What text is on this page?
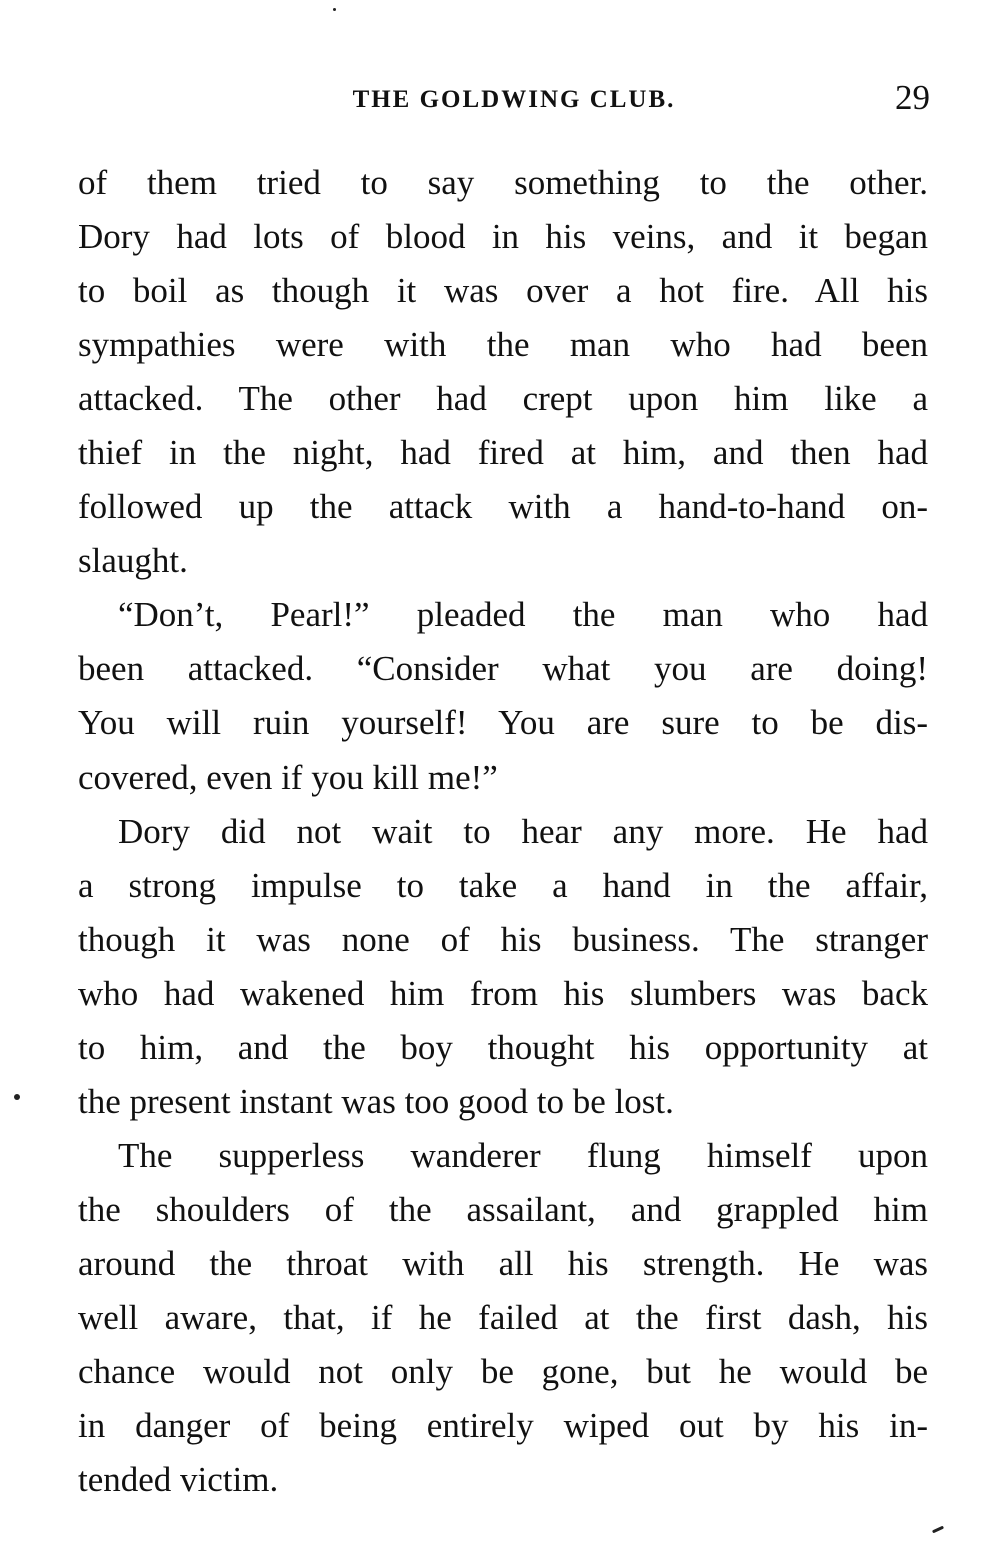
THE GOLDWING CLUB.	29
of them tried to say something to the other.
Dory had lots of blood in his veins, and it began
to boil as though it was over a hot fire. All his
sympathies were with the man who had been
attacked. The other had crept upon him like a
thief in the night, had fired at him, and then had
followed up the attack with a hand-to-hand on-
slaught.
“Don’t, Pearl!” pleaded the man who had
been attacked. “Consider what you are doing!
You will ruin yourself! You are sure to be dis-
covered, even if you kill me!”
Dory did not wait to hear any more. He had
a strong impulse to take a hand in the affair,
though it was none of his business. The stranger
who had wakened him from his slumbers was back
to him, and the boy thought his opportunity at
the present instant was too good to be lost.
The supperless wanderer flung himself upon
the shoulders of the assailant, and grappled him
around the throat with all his strength. He was
well aware, that, if he failed at the first dash, his
chance would not only be gone, but he would be
in danger of being entirely wiped out by his in-
tended victim.
